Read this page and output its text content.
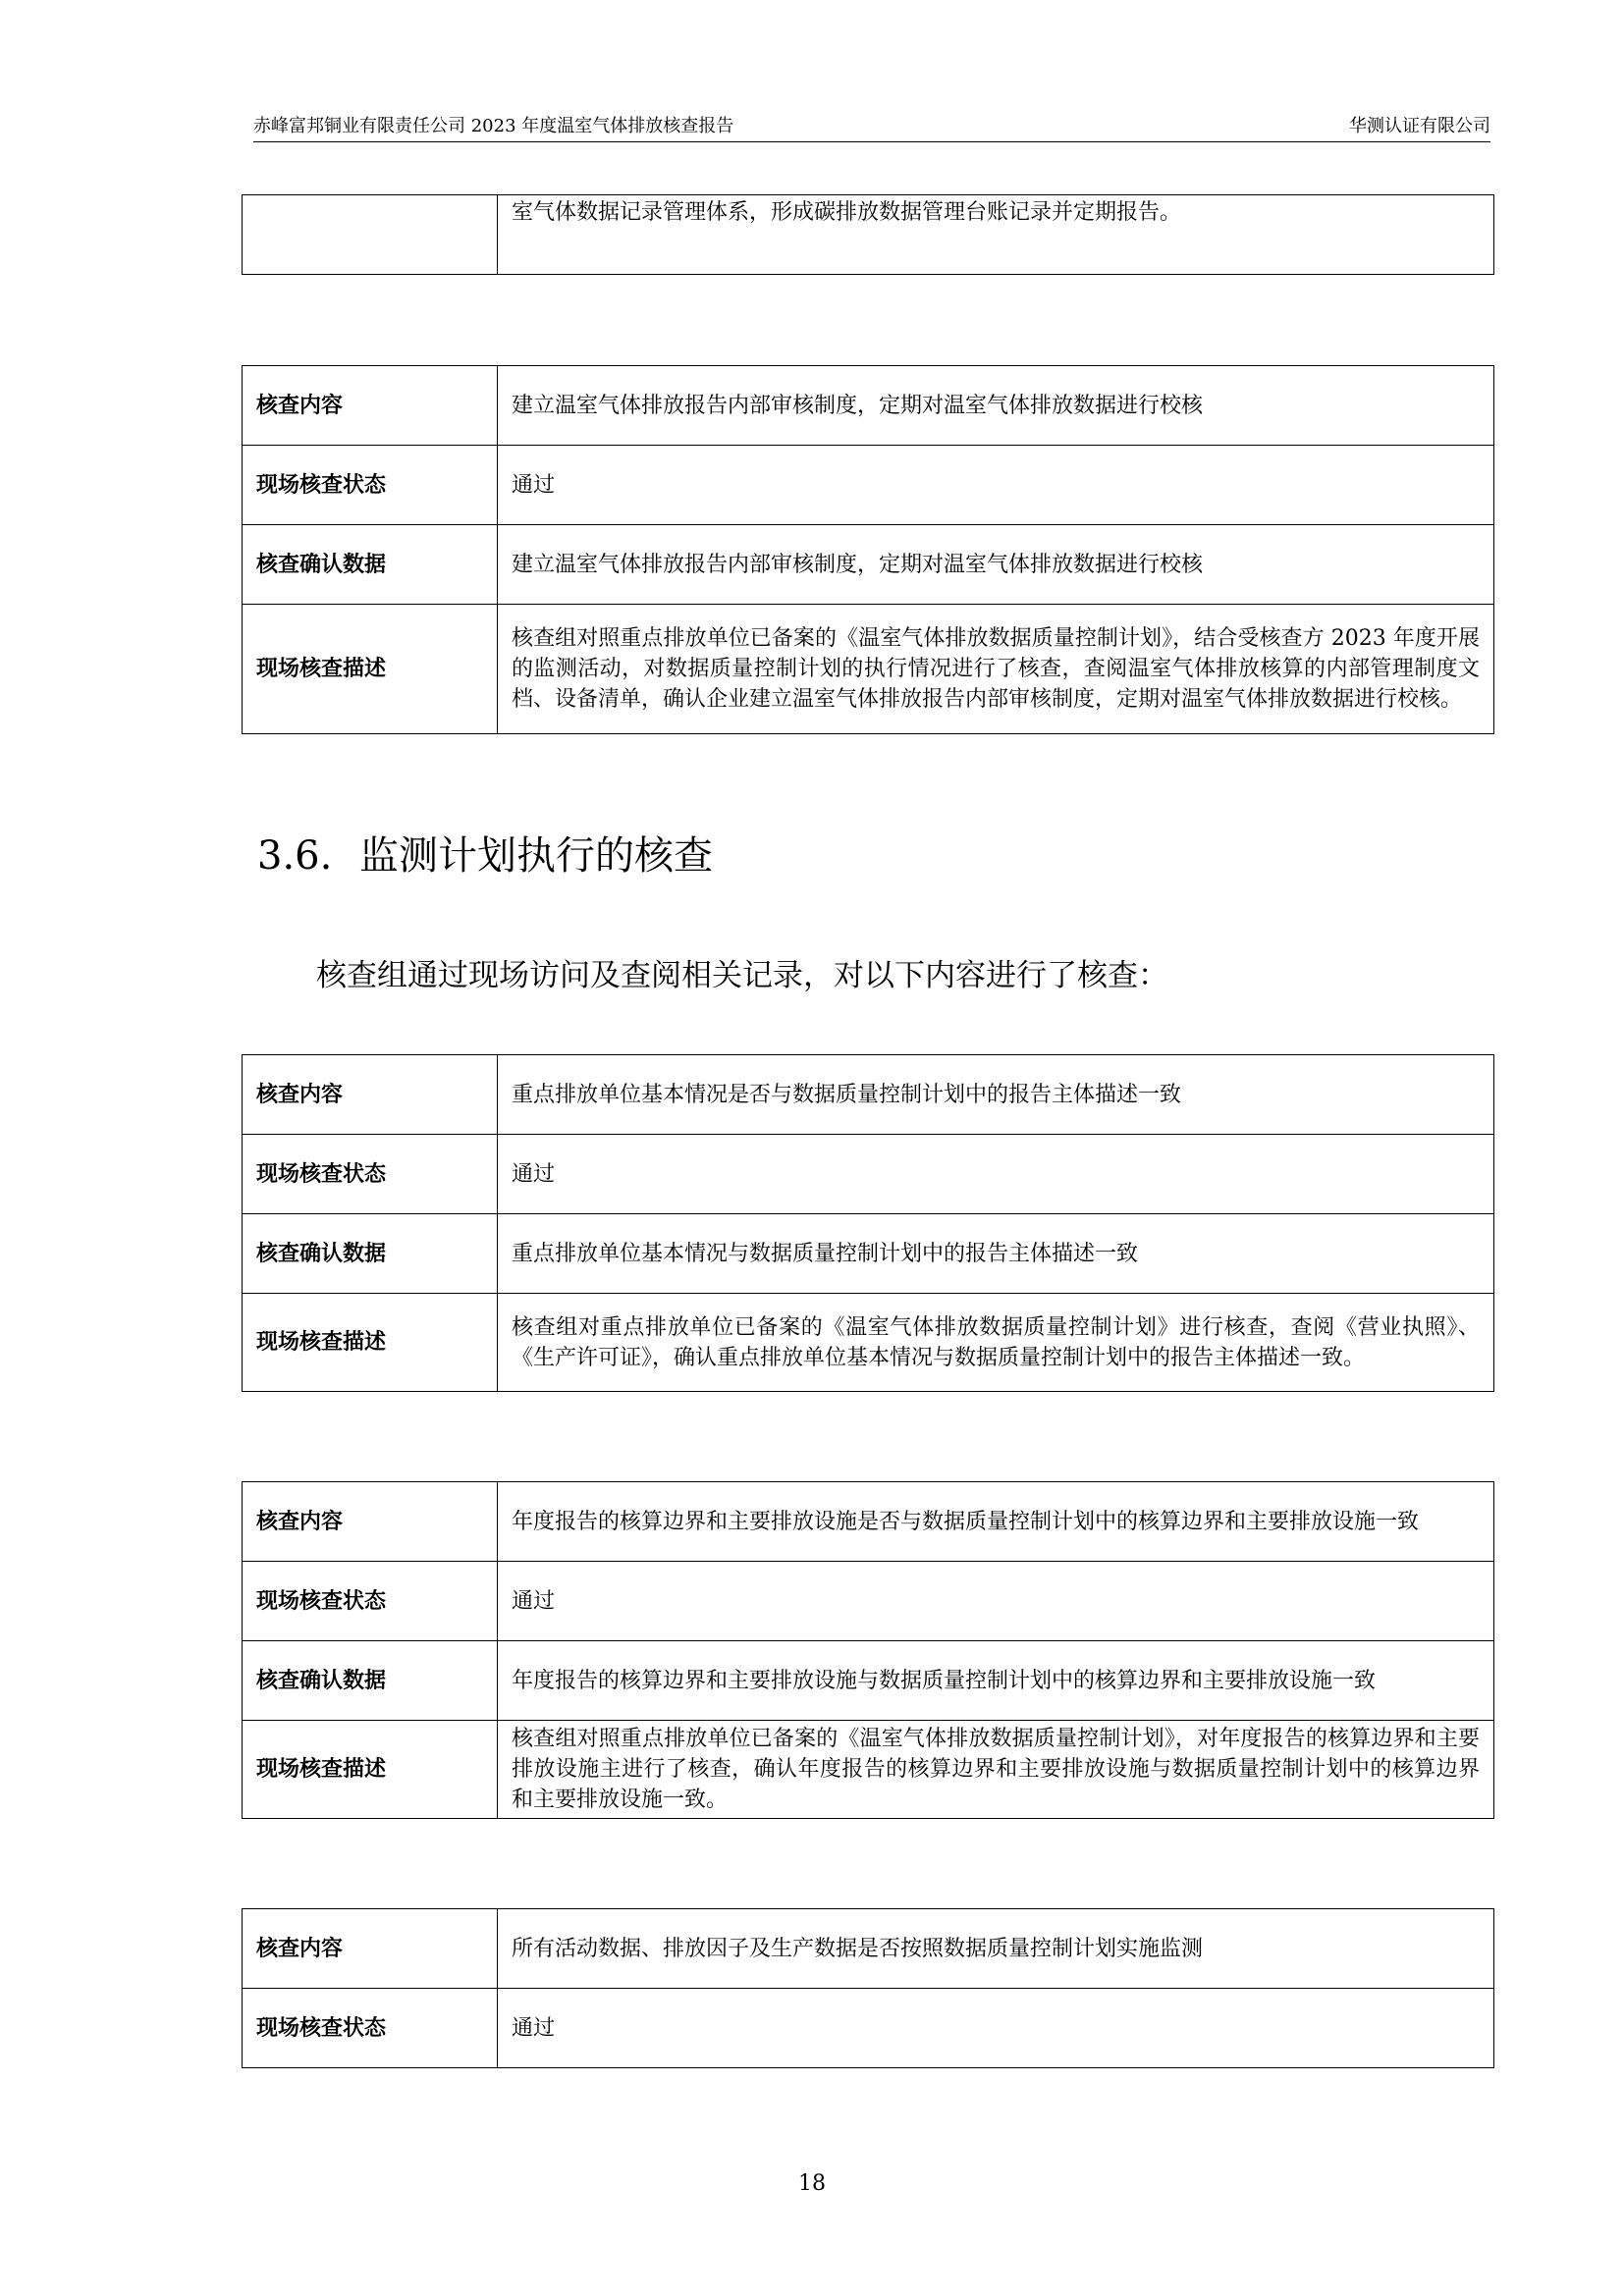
赤峰富邦铜业有限责任公司 2023 年度温室气体排放核查报告	华测认证有限公司
	室气体数据记录管理体系，形成碳排放数据管理台账记录并定期报告。
核查内容	建立温室气体排放报告内部审核制度，定期对温室气体排放数据进行校核
现场核查状态	通过
核查确认数据	建立温室气体排放报告内部审核制度，定期对温室气体排放数据进行校核
现场核查描述	核查组对照重点排放单位已备案的《温室气体排放数据质量控制计划》，结合受核查方 2023 年度开展的监测活动，对数据质量控制计划的执行情况进行了核查，查阅温室气体排放核算的内部管理制度文档、设备清单，确认企业建立温室气体排放报告内部审核制度，定期对温室气体排放数据进行校核。
3.6. 监测计划执行的核查
核查组通过现场访问及查阅相关记录，对以下内容进行了核查：
核查内容	重点排放单位基本情况是否与数据质量控制计划中的报告主体描述一致
现场核查状态	通过
核查确认数据	重点排放单位基本情况与数据质量控制计划中的报告主体描述一致
现场核查描述	核查组对重点排放单位已备案的《温室气体排放数据质量控制计划》进行核查，查阅《营业执照》、《生产许可证》，确认重点排放单位基本情况与数据质量控制计划中的报告主体描述一致。
核查内容	年度报告的核算边界和主要排放设施是否与数据质量控制计划中的核算边界和主要排放设施一致
现场核查状态	通过
核查确认数据	年度报告的核算边界和主要排放设施与数据质量控制计划中的核算边界和主要排放设施一致
现场核查描述	核查组对照重点排放单位已备案的《温室气体排放数据质量控制计划》，对年度报告的核算边界和主要排放设施主进行了核查，确认年度报告的核算边界和主要排放设施与数据质量控制计划中的核算边界和主要排放设施一致。
核查内容	所有活动数据、排放因子及生产数据是否按照数据质量控制计划实施监测
现场核查状态	通过
18
